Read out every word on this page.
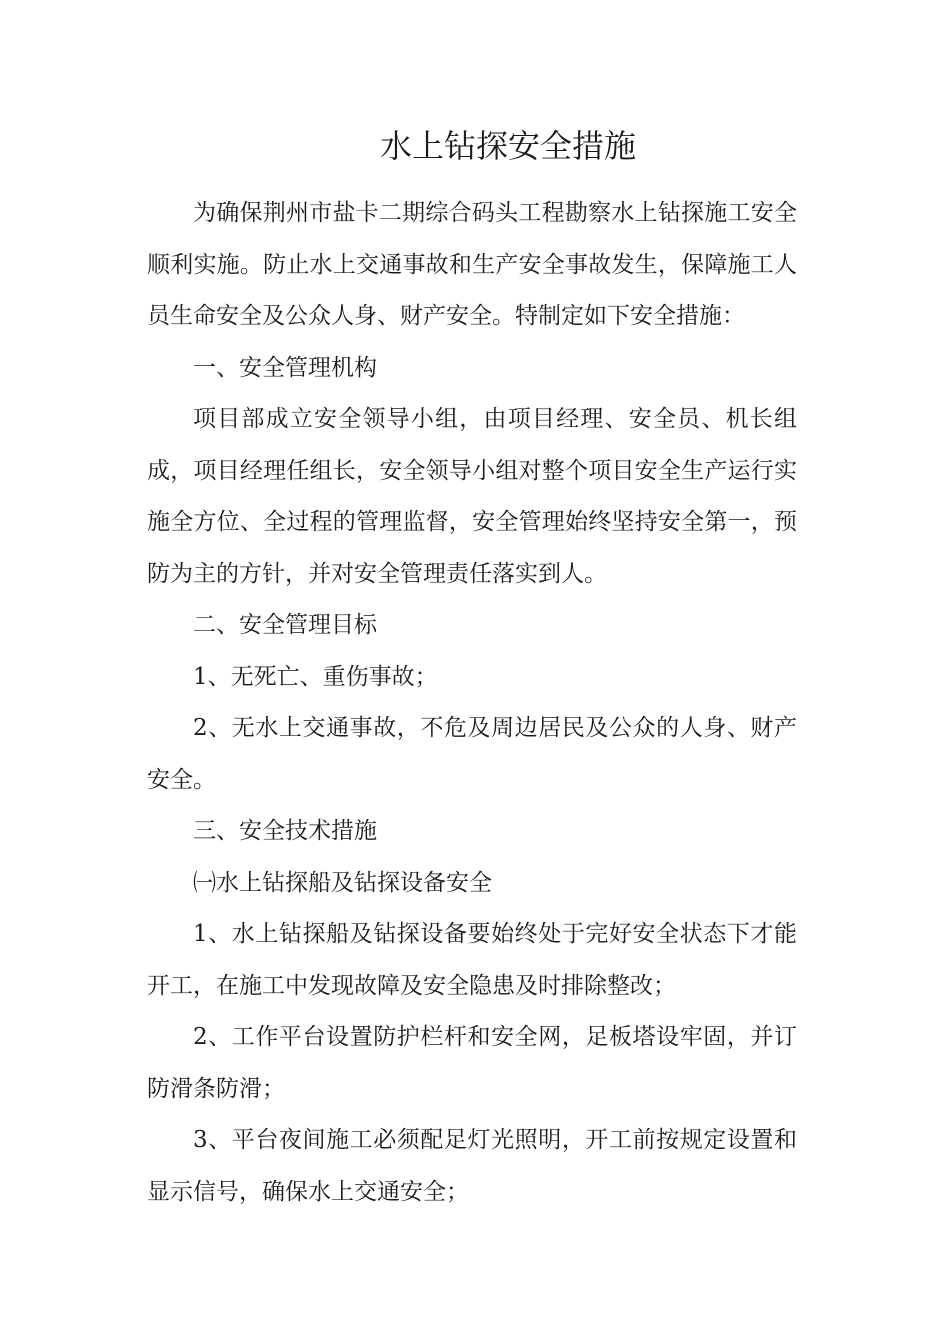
水上钻探安全措施

为确保荆州市盐卡二期综合码头工程勘察水上钻探施工安全顺利实施。防止水上交通事故和生产安全事故发生，保障施工人员生命安全及公众人身、财产安全。特制定如下安全措施：

一、安全管理机构

项目部成立安全领导小组，由项目经理、安全员、机长组成，项目经理任组长，安全领导小组对整个项目安全生产运行实施全方位、全过程的管理监督，安全管理始终坚持安全第一，预防为主的方针，并对安全管理责任落实到人。

二、安全管理目标

1、无死亡、重伤事故；

2、无水上交通事故，不危及周边居民及公众的人身、财产安全。

三、安全技术措施

㈠水上钻探船及钻探设备安全

1、水上钻探船及钻探设备要始终处于完好安全状态下才能开工，在施工中发现故障及安全隐患及时排除整改；

2、工作平台设置防护栏杆和安全网，足板塔设牢固，并订防滑条防滑；

3、平台夜间施工必须配足灯光照明，开工前按规定设置和显示信号，确保水上交通安全；
